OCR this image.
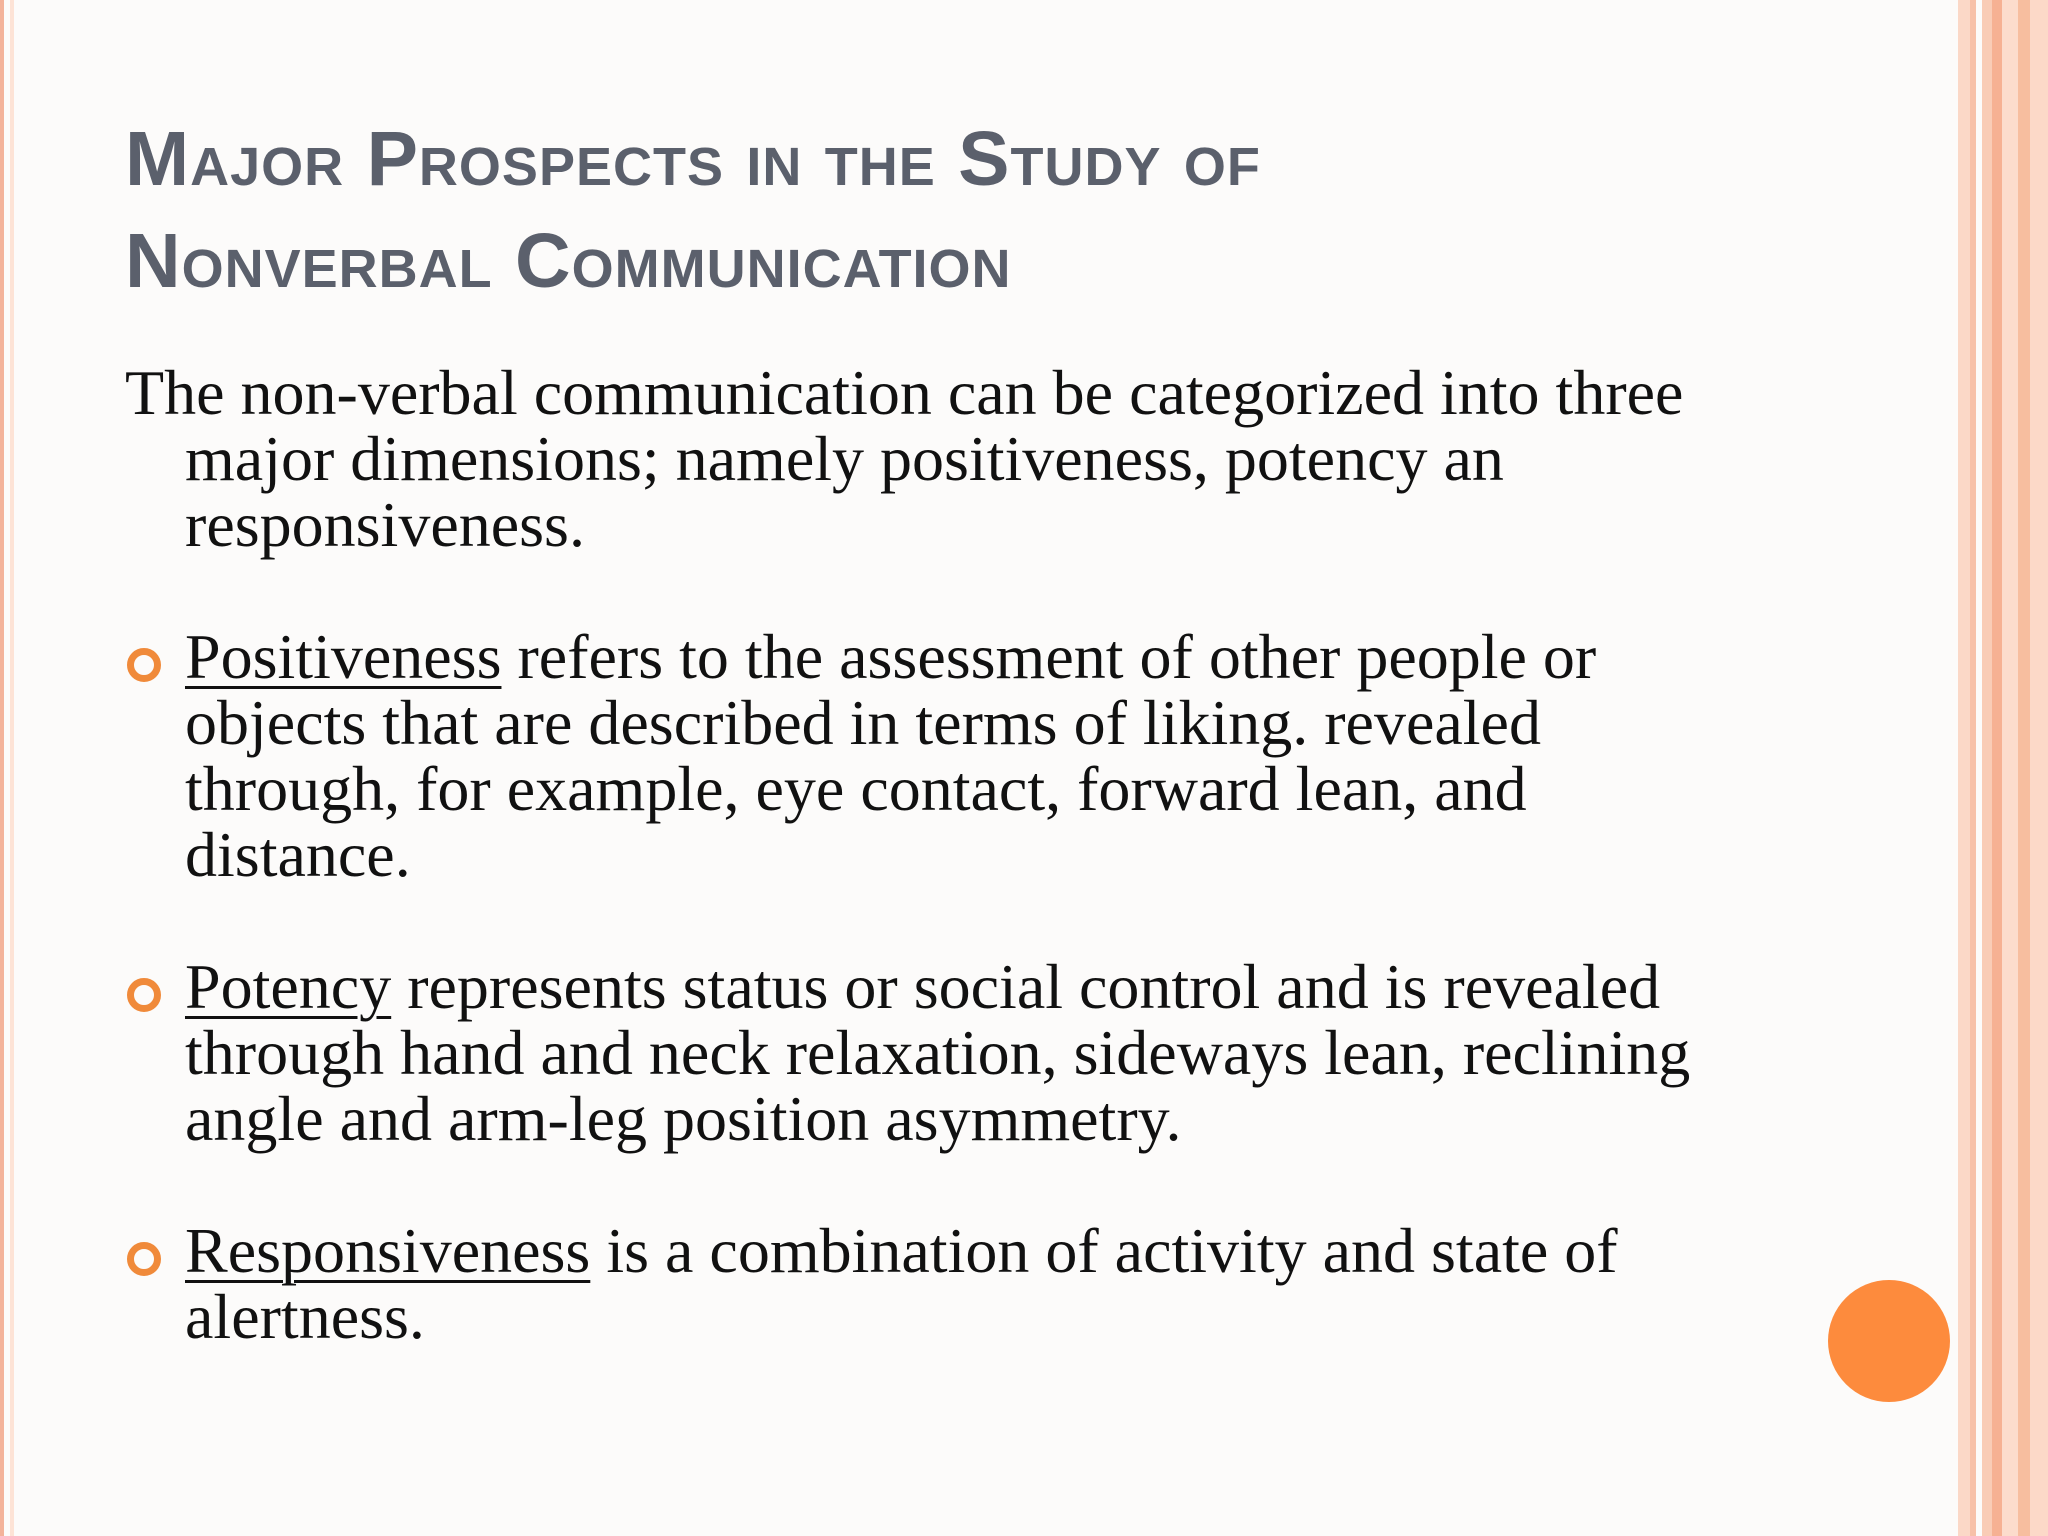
Major Prospects in the Study of
Nonverbal Communication

The non-verbal communication can be categorized into three major dimensions; namely positiveness, potency an responsiveness.

Positiveness refers to the assessment of other people or objects that are described in terms of liking. revealed through, for example, eye contact, forward lean, and distance.

Potency represents status or social control and is revealed through hand and neck relaxation, sideways lean, reclining angle and arm-leg position asymmetry.

Responsiveness is a combination of activity and state of alertness.
